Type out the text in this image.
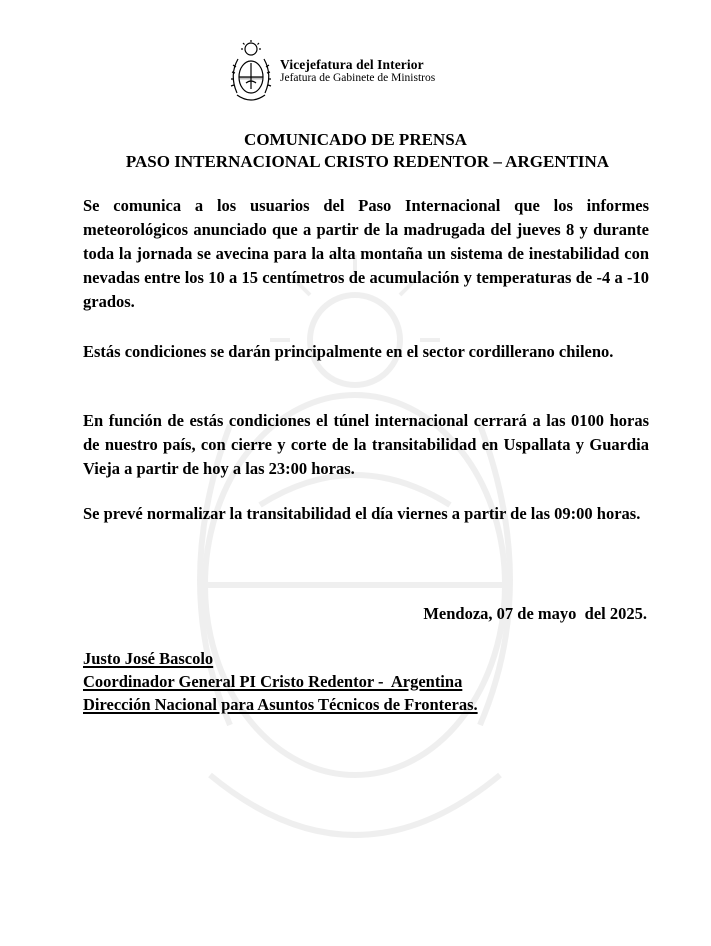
Vicejefatura del Interior
Jefatura de Gabinete de Ministros
COMUNICADO DE PRENSA
PASO INTERNACIONAL CRISTO REDENTOR – ARGENTINA
Se comunica a los usuarios del Paso Internacional que los informes meteorológicos anunciado que a partir de la madrugada del jueves 8 y durante toda la jornada se avecina para la alta montaña un sistema de inestabilidad con nevadas entre los 10 a 15 centímetros de acumulación y temperaturas de -4 a -10 grados.
Estás condiciones se darán principalmente en el sector cordillerano chileno.
En función de estás condiciones el túnel internacional cerrará a las 0100 horas de nuestro país, con cierre y corte de la transitabilidad en Uspallata y Guardia Vieja a partir de hoy a las 23:00 horas.
Se prevé normalizar la transitabilidad el día viernes a partir de las 09:00 horas.
Mendoza, 07 de mayo  del 2025.
Justo José Bascolo
Coordinador General PI Cristo Redentor -  Argentina
Dirección Nacional para Asuntos Técnicos de Fronteras.
